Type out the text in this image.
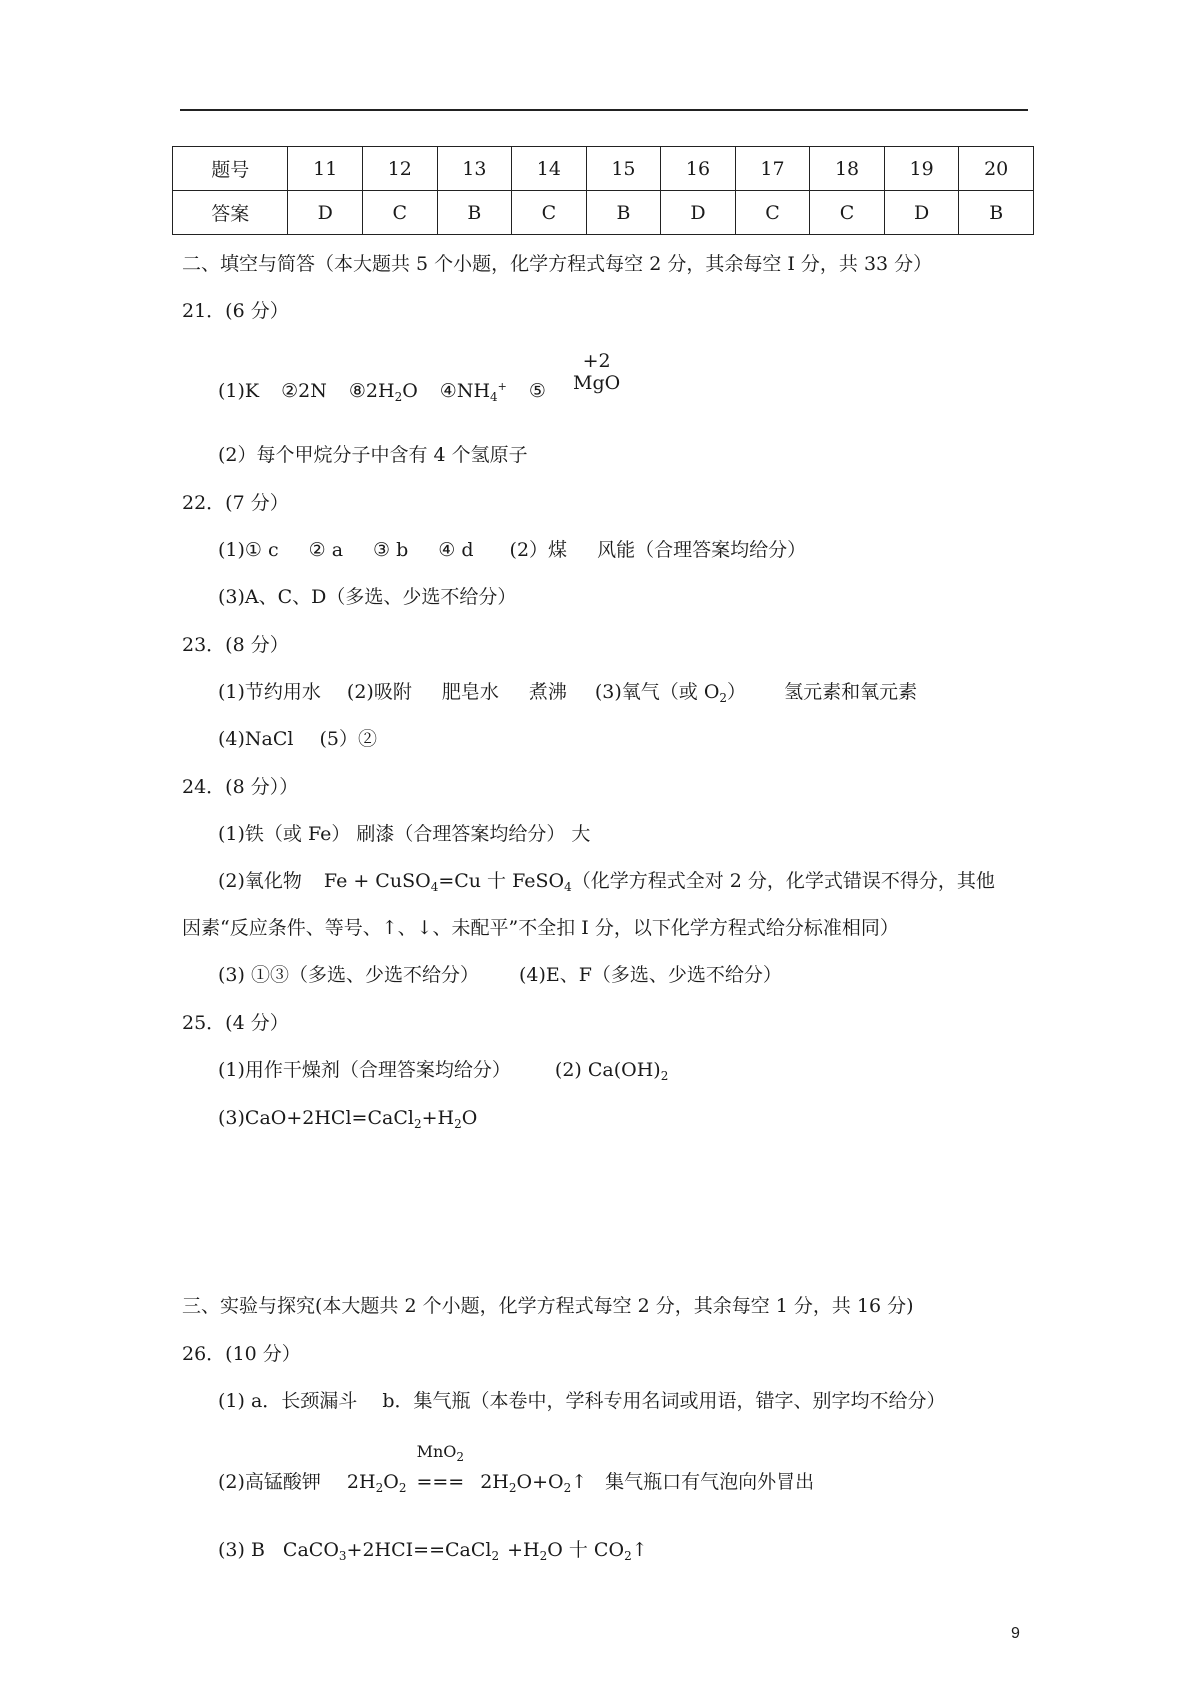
题号	11	12	13	14	15	16	17	18	19	20
答案	D	C	B	C	B	D	C	C	D	B
二、填空与简答（本大题共 5 个小题，化学方程式每空 2 分，其余每空 I 分，共 33 分）
21．(6 分）
(1)K ②2N $⑧2H_2O$ $④NH_4^+$ ⑤
+2
MgO
(2）每个甲烷分子中含有 4 个氢原子
22．(7 分）
(1)① c ② a ③ b ④ d (2）煤 风能（合理答案均给分）
(3)A、C、D（多选、少选不给分）
23．(8 分）
(1)节约用水 (2)吸附 肥皂水 煮沸 (3)氧气（或 $O_2$） 氢元素和氧元素
(4)NaCl (5）②
24．(8 分））
(1)铁（或 Fe） 刷漆（合理答案均给分） 大
(2)氧化物 Fe + CuSO$_4$=Cu 十 FeSO$_4$（化学方程式全对 2 分，化学式错误不得分，其他
因素“反应条件、等号、↑、↓、未配平”不全扣 I 分，以下化学方程式给分标准相同）
(3) ①③（多选、少选不给分） (4)E、F（多选、少选不给分）
25．(4 分）
(1)用作干燥剂（合理答案均给分） (2) $Ca(OH)_2$
$(3)CaO+2HCl=CaCl_2+H_2O$
三、实验与探究(本大题共 2 个小题，化学方程式每空 2 分，其余每空 1 分，共 16 分)
26．(10 分）
(1) a．长颈漏斗　 b．集气瓶（本卷中，学科专用名词或用语，错字、别字均不给分）
(2)高锰酸钾 $2H_2O_2$
MnO$_2$
=== $2H_2O+O_2↑$ 集气瓶口有气泡向外冒出
(3) B CaCO$_3$+2HCI==CaCl$_2$ $+H_2O$ 十 $CO_2↑$
9
